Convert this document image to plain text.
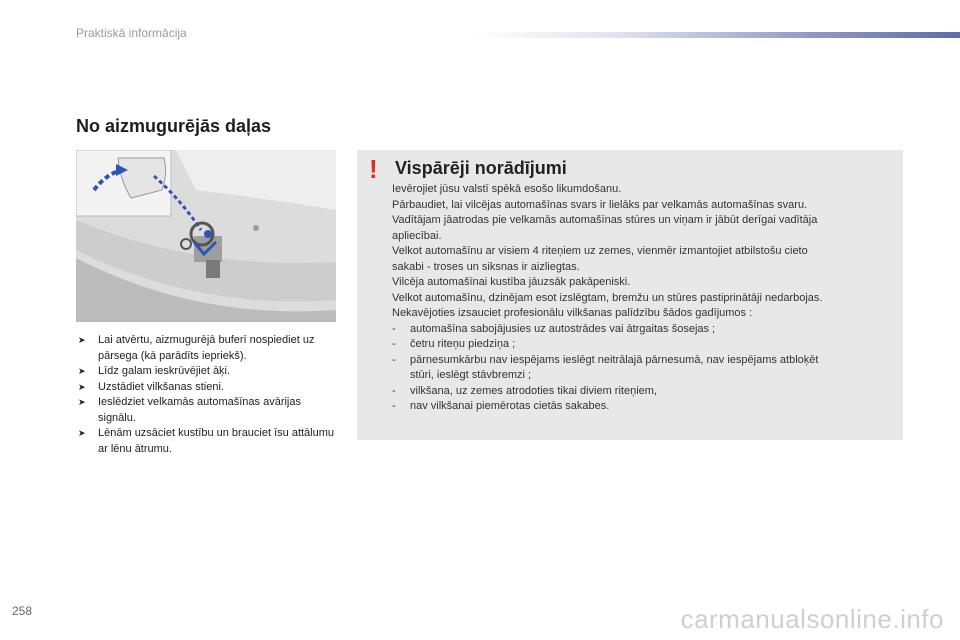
Praktiskā informācija
No aizmugurējās daļas
➤ Lai atvērtu, aizmugurējā buferī nospiediet uz pārsega (kā parādīts iepriekš).
➤ Līdz galam ieskrūvējiet āķi.
➤ Uzstādiet vilkšanas stieni.
➤ Ieslēdziet velkamās automašīnas avārijas signālu.
➤ Lēnām uzsāciet kustību un brauciet īsu attālumu ar lēnu ātrumu.
! Vispārēji norādījumi
Ievērojiet jūsu valstī spēkā esošo likumdošanu.
Pārbaudiet, lai vilcējas automašīnas svars ir lielāks par velkamās automašīnas svaru.
Vadītājam jāatrodas pie velkamās automašīnas stūres un viņam ir jābūt derīgai vadītāja
apliecībai.
Velkot automašīnu ar visiem 4 riteņiem uz zemes, vienmēr izmantojiet atbilstošu cieto
sakabi - troses un siksnas ir aizliegtas.
Vilcēja automašīnai kustība jāuzsāk pakāpeniski.
Velkot automašīnu, dzinējam esot izslēgtam, bremžu un stūres pastiprinātāji nedarbojas.
Nekavējoties izsauciet profesionālu vilkšanas palīdzību šādos gadījumos :
- automašīna sabojājusies uz autostrādes vai ātrgaitas šosejas ;
- četru riteņu piedziņa ;
- pārnesumkārbu nav iespējams ieslēgt neitrālajā pārnesumā, nav iespējams atbloķēt
stūri, ieslēgt stāvbremzi ;
- vilkšana, uz zemes atrodoties tikai diviem riteņiem,
- nav vilkšanai piemērotas cietās sakabes.
258	carmanualsonline.info
